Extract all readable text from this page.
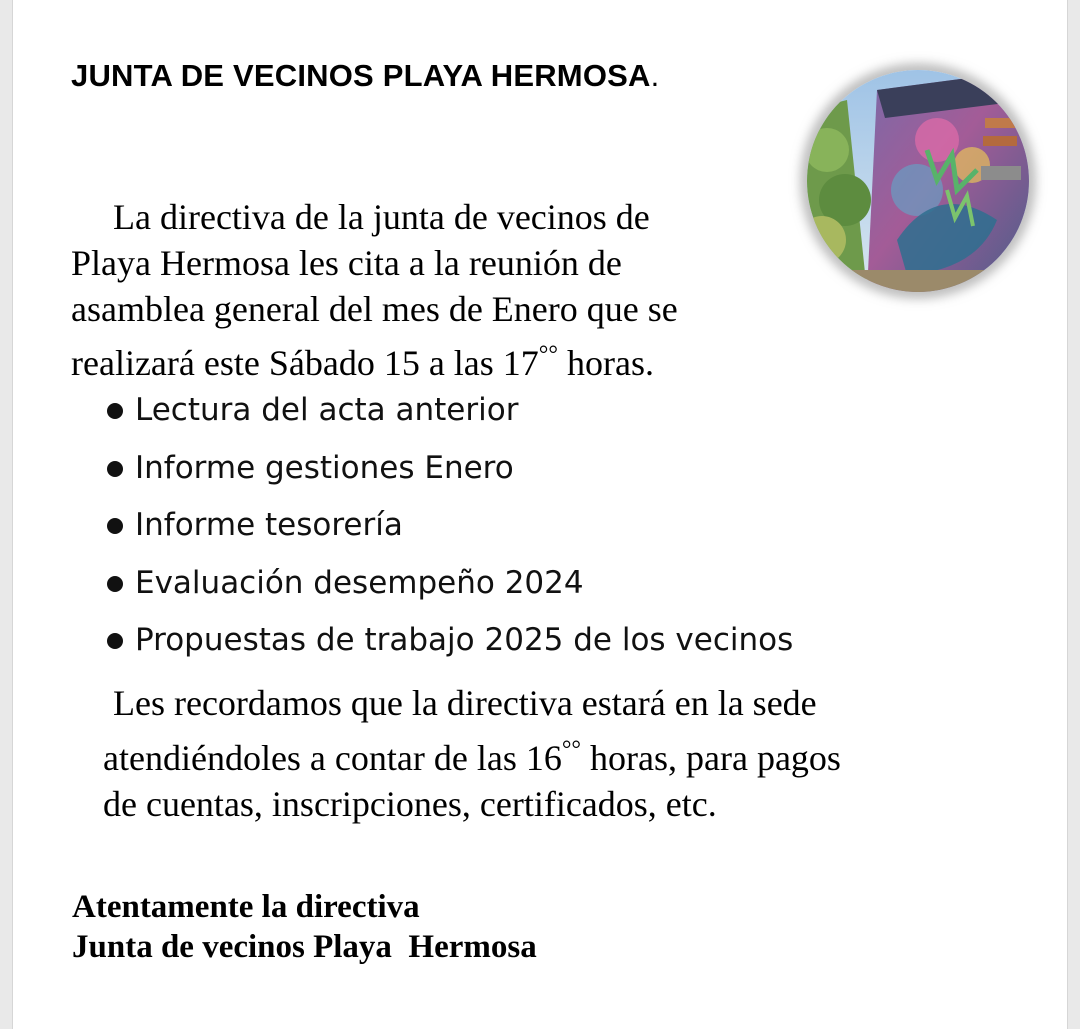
JUNTA DE VECINOS PLAYA HERMOSA.
La directiva de la junta de vecinos de
Playa Hermosa les cita a la reunión de
asamblea general del mes de Enero que se
realizará este Sábado 15 a las 17°° horas.
Lectura del acta anterior
Informe gestiones Enero
Informe tesorería
Evaluación desempeño 2024
Propuestas de trabajo 2025 de los vecinos
Les recordamos que la directiva estará en la sede
atendiéndoles a contar de las 16°° horas, para pagos
de cuentas, inscripciones, certificados, etc.
Atentamente la directiva
Junta de vecinos Playa  Hermosa
